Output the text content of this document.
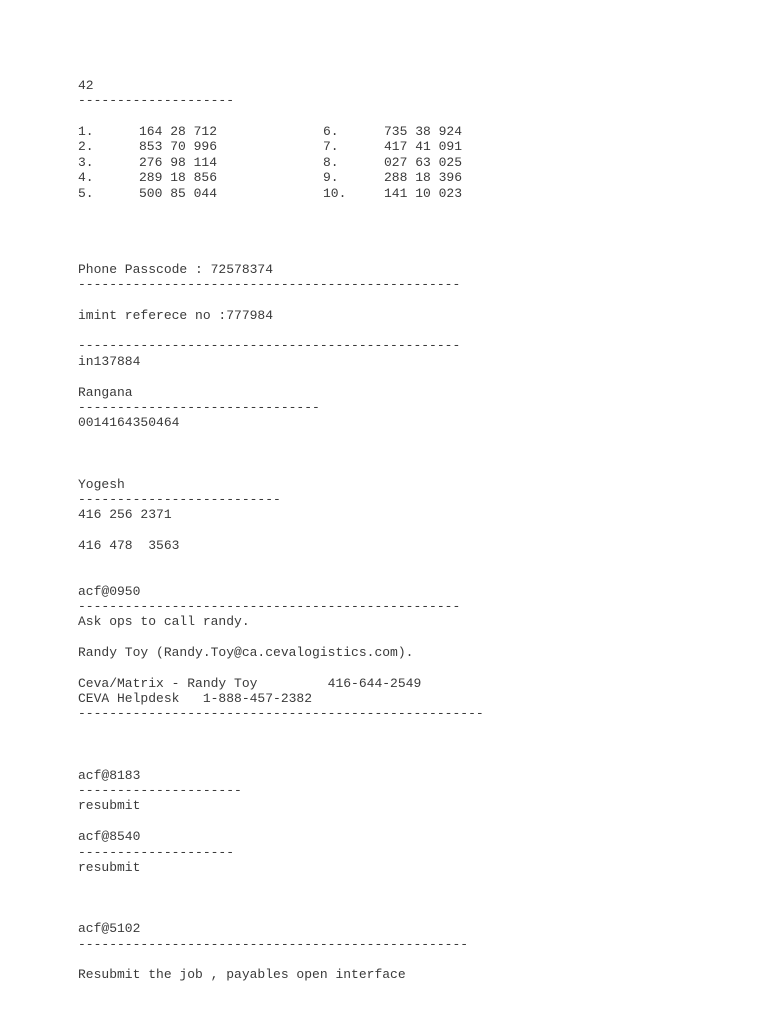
42

--------------------

1.	164 28 712

2.	853 70 996

3.	276 98 114

4.	289 18 856

5.	500 85 044

6.	735 38 924

7.	417 41 091

8.	027 63 025

9.	288 18 396

10.	141 10 023

Phone Passcode : 72578374

-------------------------------------------------

imint referece no :777984

-------------------------------------------------

in137884

Rangana

-------------------------------

0014164350464

Yogesh

--------------------------

416 256 2371

416 478  3563

acf@0950

-------------------------------------------------

Ask ops to call randy.

Randy Toy (Randy.Toy@ca.cevalogistics.com).

Ceva/Matrix - Randy Toy         416-644-2549

CEVA Helpdesk   1-888-457-2382

----------------------------------------------------

acf@8183

---------------------

resubmit

acf@8540

--------------------

resubmit

acf@5102

--------------------------------------------------

Resubmit the job , payables open interface
